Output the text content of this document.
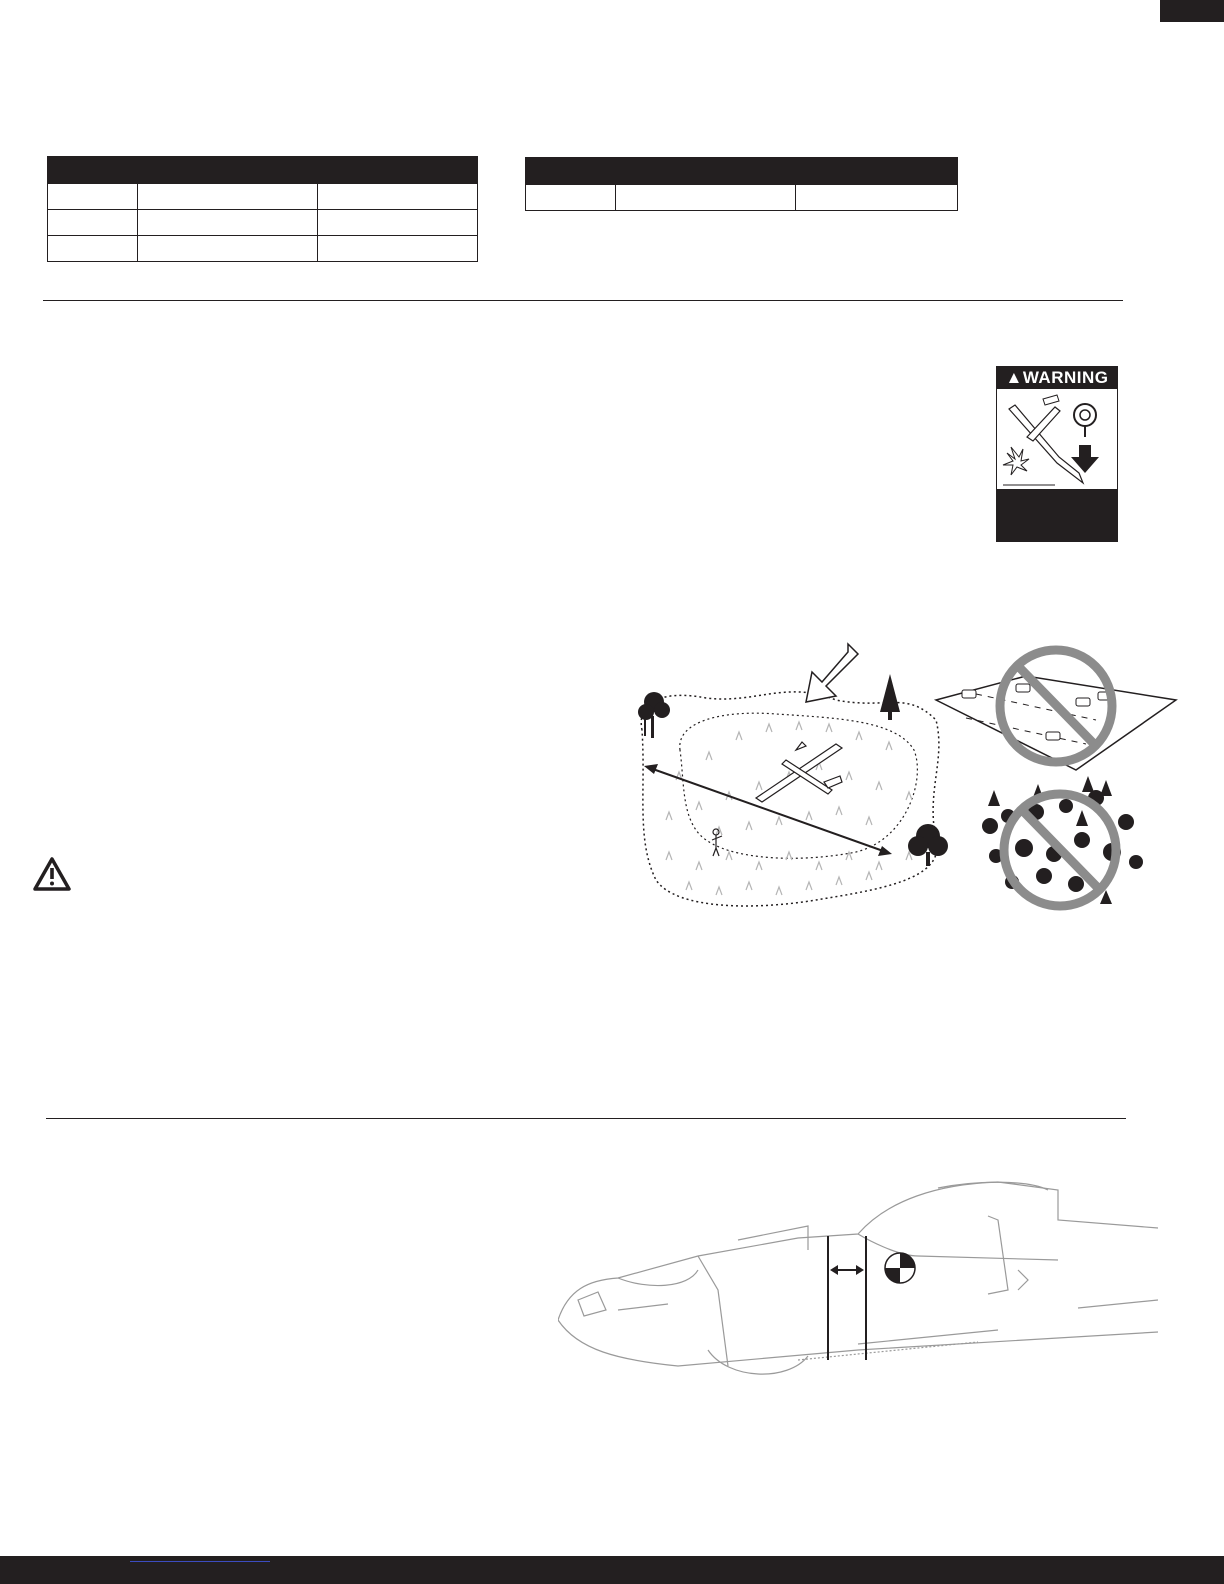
▲WARNING
